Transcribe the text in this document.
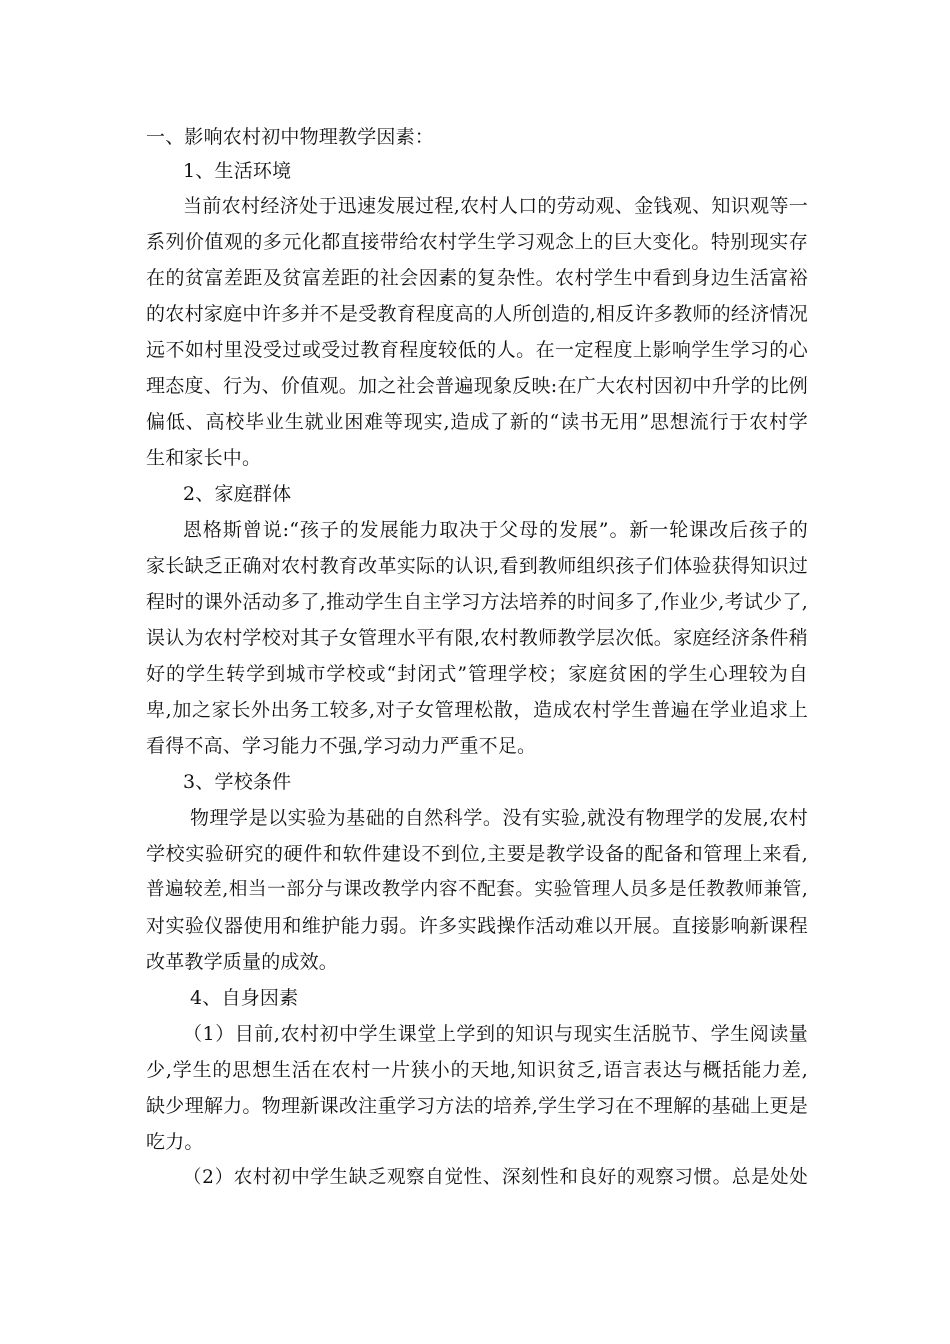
一、影响农村初中物理教学因素：
1、生活环境
当前农村经济处于迅速发展过程,农村人口的劳动观、金钱观、知识观等一
系列价值观的多元化都直接带给农村学生学习观念上的巨大变化。特别现实存
在的贫富差距及贫富差距的社会因素的复杂性。农村学生中看到身边生活富裕
的农村家庭中许多并不是受教育程度高的人所创造的,相反许多教师的经济情况
远不如村里没受过或受过教育程度较低的人。在一定程度上影响学生学习的心
理态度、行为、价值观。加之社会普遍现象反映:在广大农村因初中升学的比例
偏低、高校毕业生就业困难等现实,造成了新的“读书无用”思想流行于农村学
生和家长中。
2、家庭群体
恩格斯曾说:“孩子的发展能力取决于父母的发展”。新一轮课改后孩子的
家长缺乏正确对农村教育改革实际的认识,看到教师组织孩子们体验获得知识过
程时的课外活动多了,推动学生自主学习方法培养的时间多了,作业少,考试少了,
误认为农村学校对其子女管理水平有限,农村教师教学层次低。家庭经济条件稍
好的学生转学到城市学校或“封闭式”管理学校；家庭贫困的学生心理较为自
卑,加之家长外出务工较多,对子女管理松散，造成农村学生普遍在学业追求上
看得不高、学习能力不强,学习动力严重不足。
3、学校条件
物理学是以实验为基础的自然科学。没有实验,就没有物理学的发展,农村
学校实验研究的硬件和软件建设不到位,主要是教学设备的配备和管理上来看,
普遍较差,相当一部分与课改教学内容不配套。实验管理人员多是任教教师兼管,
对实验仪器使用和维护能力弱。许多实践操作活动难以开展。直接影响新课程
改革教学质量的成效。
4、自身因素
（1）目前,农村初中学生课堂上学到的知识与现实生活脱节、学生阅读量
少,学生的思想生活在农村一片狭小的天地,知识贫乏,语言表达与概括能力差,
缺少理解力。物理新课改注重学习方法的培养,学生学习在不理解的基础上更是
吃力。
（2）农村初中学生缺乏观察自觉性、深刻性和良好的观察习惯。总是处处
